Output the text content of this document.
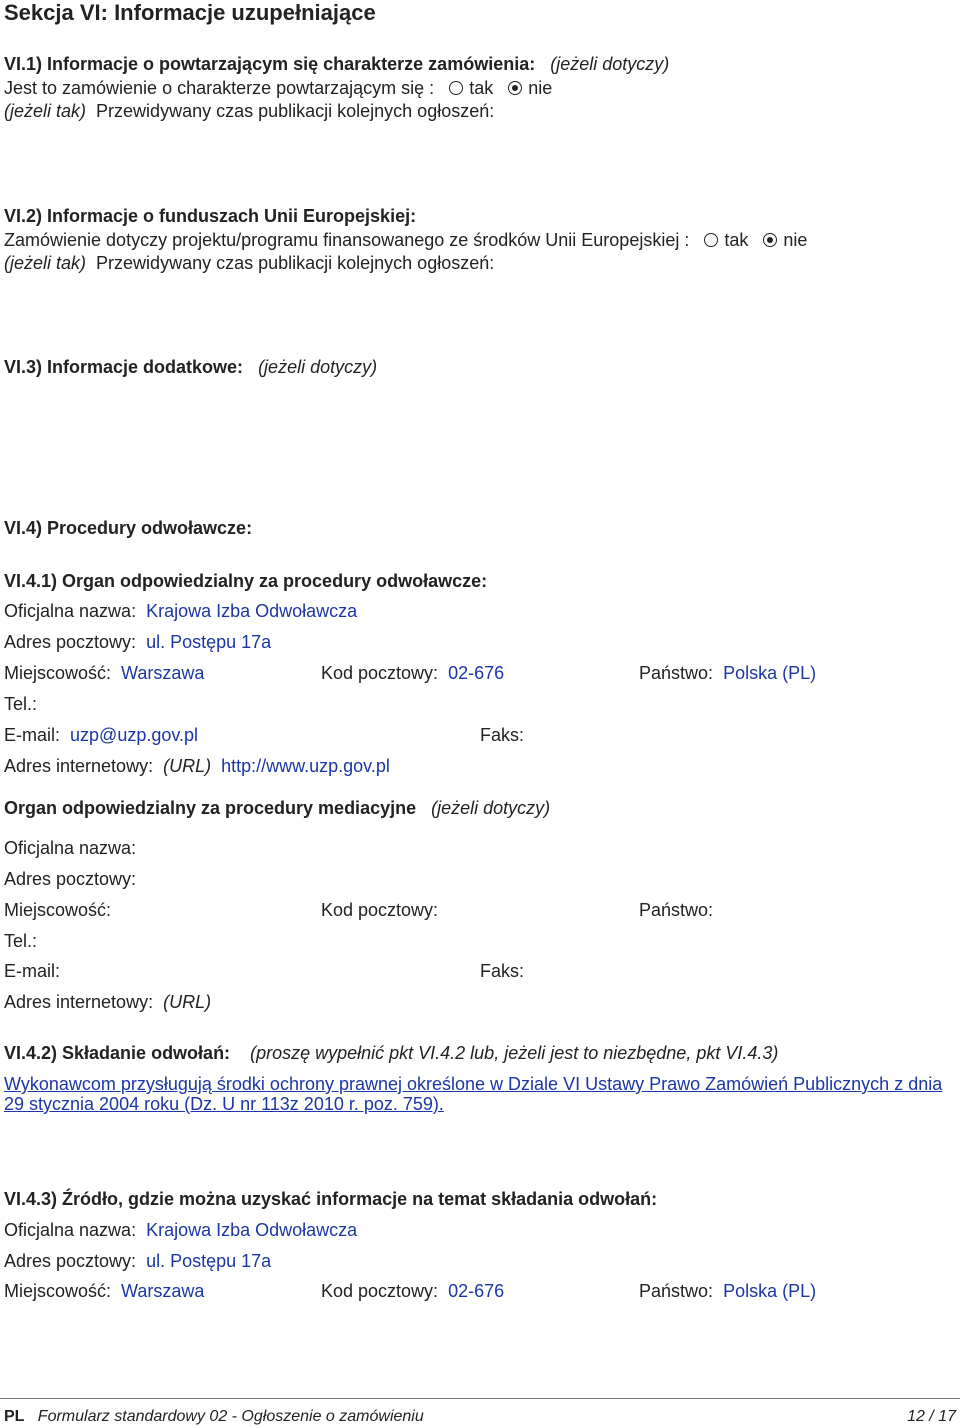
Sekcja VI: Informacje uzupełniające
VI.1) Informacje o powtarzającym się charakterze zamówienia: (jeżeli dotyczy)
Jest to zamówienie o charakterze powtarzającym się : tak nie
(jeżeli tak) Przewidywany czas publikacji kolejnych ogłoszeń:
VI.2) Informacje o funduszach Unii Europejskiej:
Zamówienie dotyczy projektu/programu finansowanego ze środków Unii Europejskiej : tak nie
(jeżeli tak) Przewidywany czas publikacji kolejnych ogłoszeń:
VI.3) Informacje dodatkowe: (jeżeli dotyczy)
VI.4) Procedury odwoławcze:
VI.4.1) Organ odpowiedzialny za procedury odwoławcze:
Oficjalna nazwa: Krajowa Izba Odwoławcza
Adres pocztowy: ul. Postępu 17a
Miejscowość: Warszawa	Kod pocztowy: 02-676	Państwo: Polska (PL)
Tel.:
E-mail: uzp@uzp.gov.pl	Faks:
Adres internetowy: (URL) http://www.uzp.gov.pl
Organ odpowiedzialny za procedury mediacyjne (jeżeli dotyczy)
Oficjalna nazwa:
Adres pocztowy:
Miejscowość:	Kod pocztowy:	Państwo:
Tel.:
E-mail:	Faks:
Adres internetowy: (URL)
VI.4.2) Składanie odwołań: (proszę wypełnić pkt VI.4.2 lub, jeżeli jest to niezbędne, pkt VI.4.3)
Wykonawcom przysługują środki ochrony prawnej określone w Dziale VI Ustawy Prawo Zamówień Publicznych z dnia 29 stycznia 2004 roku (Dz. U nr 113z 2010 r. poz. 759).
VI.4.3) Źródło, gdzie można uzyskać informacje na temat składania odwołań:
Oficjalna nazwa: Krajowa Izba Odwoławcza
Adres pocztowy: ul. Postępu 17a
Miejscowość: Warszawa	Kod pocztowy: 02-676	Państwo: Polska (PL)
PL Formularz standardowy 02 - Ogłoszenie o zamówieniu	12 / 17
